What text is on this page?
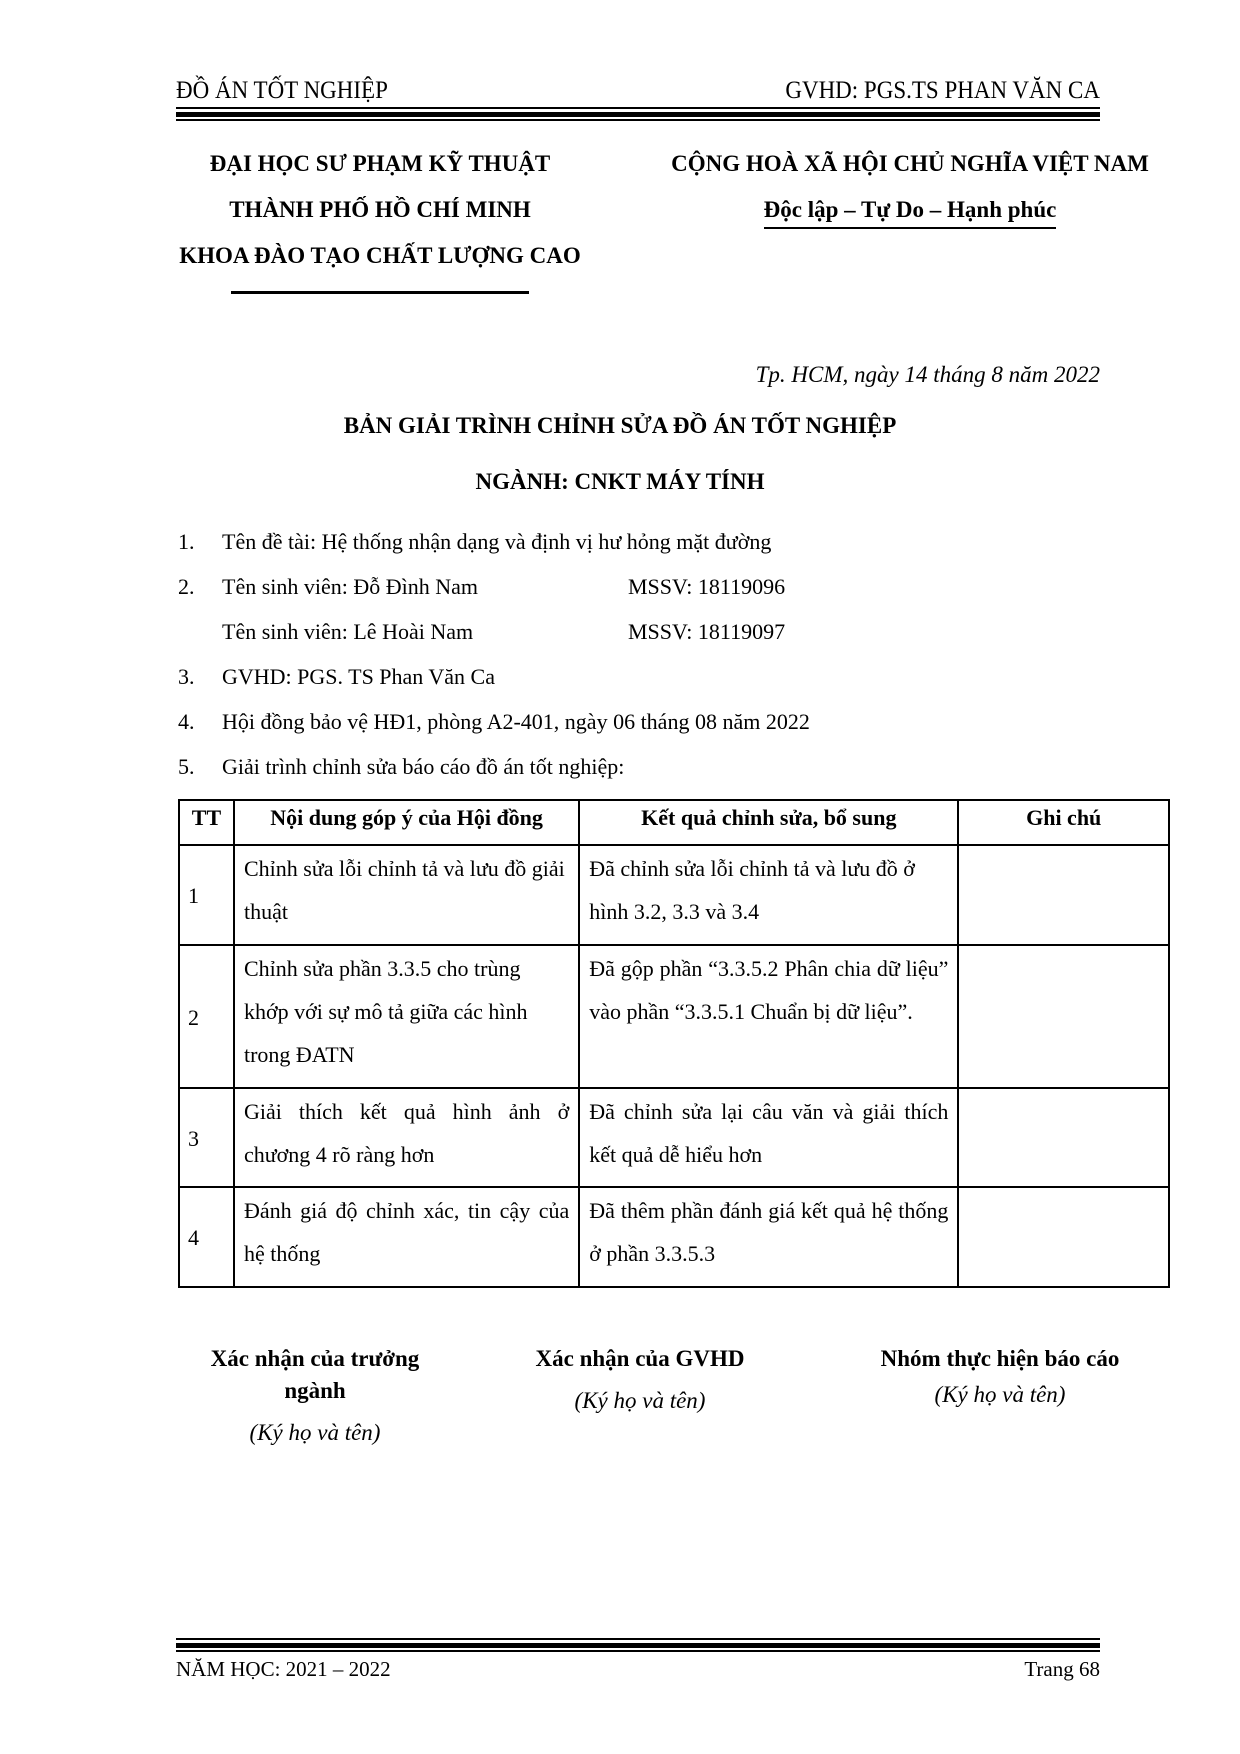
ĐỒ ÁN TỐT NGHIỆP	GVHD: PGS.TS PHAN VĂN CA
ĐẠI HỌC SƯ PHẠM KỸ THUẬT
THÀNH PHỐ HỒ CHÍ MINH
KHOA ĐÀO TẠO CHẤT LƯỢNG CAO
CỘNG HOÀ XÃ HỘI CHỦ NGHĨA VIỆT NAM
Độc lập – Tự Do – Hạnh phúc
Tp. HCM, ngày 14 tháng 8 năm 2022
BẢN GIẢI TRÌNH CHỈNH SỬA ĐỒ ÁN TỐT NGHIỆP
NGÀNH: CNKT MÁY TÍNH
1. Tên đề tài: Hệ thống nhận dạng và định vị hư hỏng mặt đường
2. Tên sinh viên: Đỗ Đình Nam	MSSV: 18119096
Tên sinh viên: Lê Hoài Nam	MSSV: 18119097
3. GVHD: PGS. TS Phan Văn Ca
4. Hội đồng bảo vệ HĐ1, phòng A2-401, ngày 06 tháng 08 năm 2022
5. Giải trình chỉnh sửa báo cáo đồ án tốt nghiệp:
TT	Nội dung góp ý của Hội đồng	Kết quả chỉnh sửa, bổ sung	Ghi chú
1	Chỉnh sửa lỗi chỉnh tả và lưu đồ giải thuật	Đã chỉnh sửa lỗi chỉnh tả và lưu đồ ở hình 3.2, 3.3 và 3.4	
2	Chỉnh sửa phần 3.3.5 cho trùng khớp với sự mô tả giữa các hình trong ĐATN	Đã gộp phần “3.3.5.2 Phân chia dữ liệu” vào phần “3.3.5.1 Chuẩn bị dữ liệu”.	
3	Giải thích kết quả hình ảnh ở chương 4 rõ ràng hơn	Đã chỉnh sửa lại câu văn và giải thích kết quả dễ hiểu hơn	
4	Đánh giá độ chỉnh xác, tin cậy của hệ thống	Đã thêm phần đánh giá kết quả hệ thống ở phần 3.3.5.3	
Xác nhận của trưởng
ngành
(Ký họ và tên)
Xác nhận của GVHD
(Ký họ và tên)
Nhóm thực hiện báo cáo
(Ký họ và tên)
NĂM HỌC: 2021 – 2022	Trang 68
